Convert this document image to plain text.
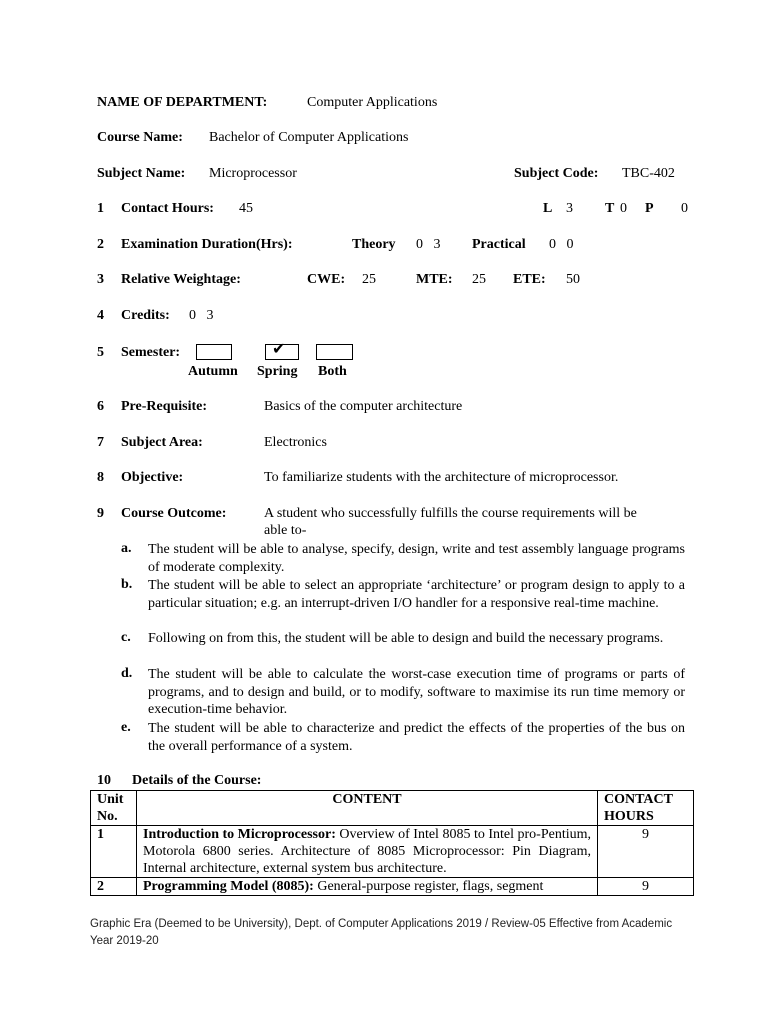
NAME OF DEPARTMENT:	Computer Applications
Course Name: Bachelor of Computer Applications
Subject Name: Microprocessor	Subject Code: TBC-402
1 Contact Hours: 45	L 3 T 0 P 0
2 Examination Duration(Hrs):	Theory 0   3 Practical 0   0
3 Relative Weightage:	CWE: 25	MTE: 25 ETE: 50
4 Credits: 0   3
5 Semester:	✔
Autumn Spring Both
6 Pre-Requisite:	Basics of the computer architecture
7 Subject Area:	Electronics
8 Objective:	To familiarize students with the architecture of microprocessor.
9 Course Outcome:	A student who successfully fulfills the course requirements will be
able to-
a. The student will be able to analyse, specify, design, write and test assembly language programs of moderate complexity.
b. The student will be able to select an appropriate ‘architecture’ or program design to apply to a particular situation; e.g. an interrupt-driven I/O handler for a responsive real-time machine.
c. Following on from this, the student will be able to design and build the necessary programs.
d. The student will be able to calculate the worst-case execution time of programs or parts of programs, and to design and build, or to modify, software to maximise its run time memory or execution-time behavior.
e. The student will be able to characterize and predict the effects of the properties of the bus on the overall performance of a system.
10 Details of the Course:
Unit
No.	CONTENT	CONTACT
HOURS
1	Introduction to Microprocessor: Overview of Intel 8085 to Intel pro-Pentium, Motorola 6800 series. Architecture of 8085 Microprocessor: Pin Diagram, Internal architecture, external system bus architecture.	9
2	Programming Model (8085): General-purpose register, flags, segment	9
Graphic Era (Deemed to be University), Dept. of Computer Applications 2019 / Review-05 Effective from Academic
Year 2019-20
